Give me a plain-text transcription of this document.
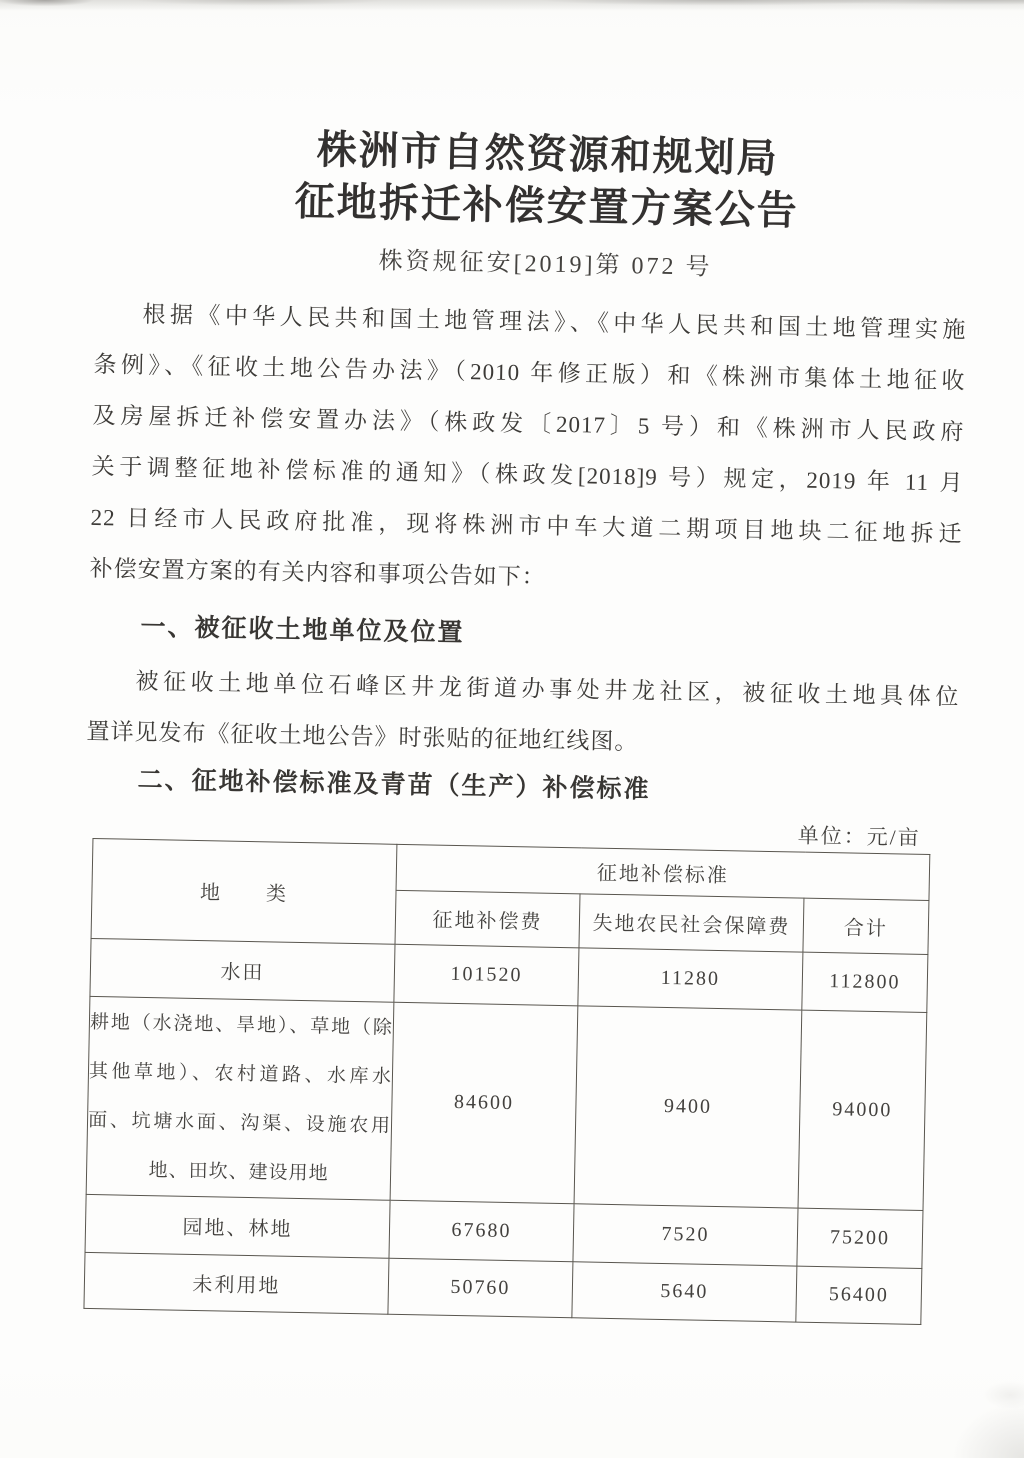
株洲市自然资源和规划局
征地拆迁补偿安置方案公告
株资规征安[2019]第 072 号
根据《中华人民共和国土地管理法》、《中华人民共和国土地管理实施
条例》、《征收土地公告办法》（2010 年修正版）和《株洲市集体土地征收
及房屋拆迁补偿安置办法》（株政发〔2017〕5 号）和《株洲市人民政府
关于调整征地补偿标准的通知》（株政发[2018]9 号）规定，2019 年 11 月
22 日经市人民政府批准，现将株洲市中车大道二期项目地块二征地拆迁
补偿安置方案的有关内容和事项公告如下：
一、被征收土地单位及位置
被征收土地单位石峰区井龙街道办事处井龙社区，被征收土地具体位
置详见发布《征收土地公告》时张贴的征地红线图。
二、征地补偿标准及青苗（生产）补偿标准
单位：元/亩
地　　类	征地补偿标准		
	征地补偿费	失地农民社会保障费	合计
水田	101520	11280	112800

耕地（水浇地、旱地）、草地（除
其他草地）、农村道路、水库水
面、坑塘水面、沟渠、设施农用
地、田坎、建设用地	84600	9400	94000
园地、林地	67680	7520	75200
未利用地	50760	5640	56400
